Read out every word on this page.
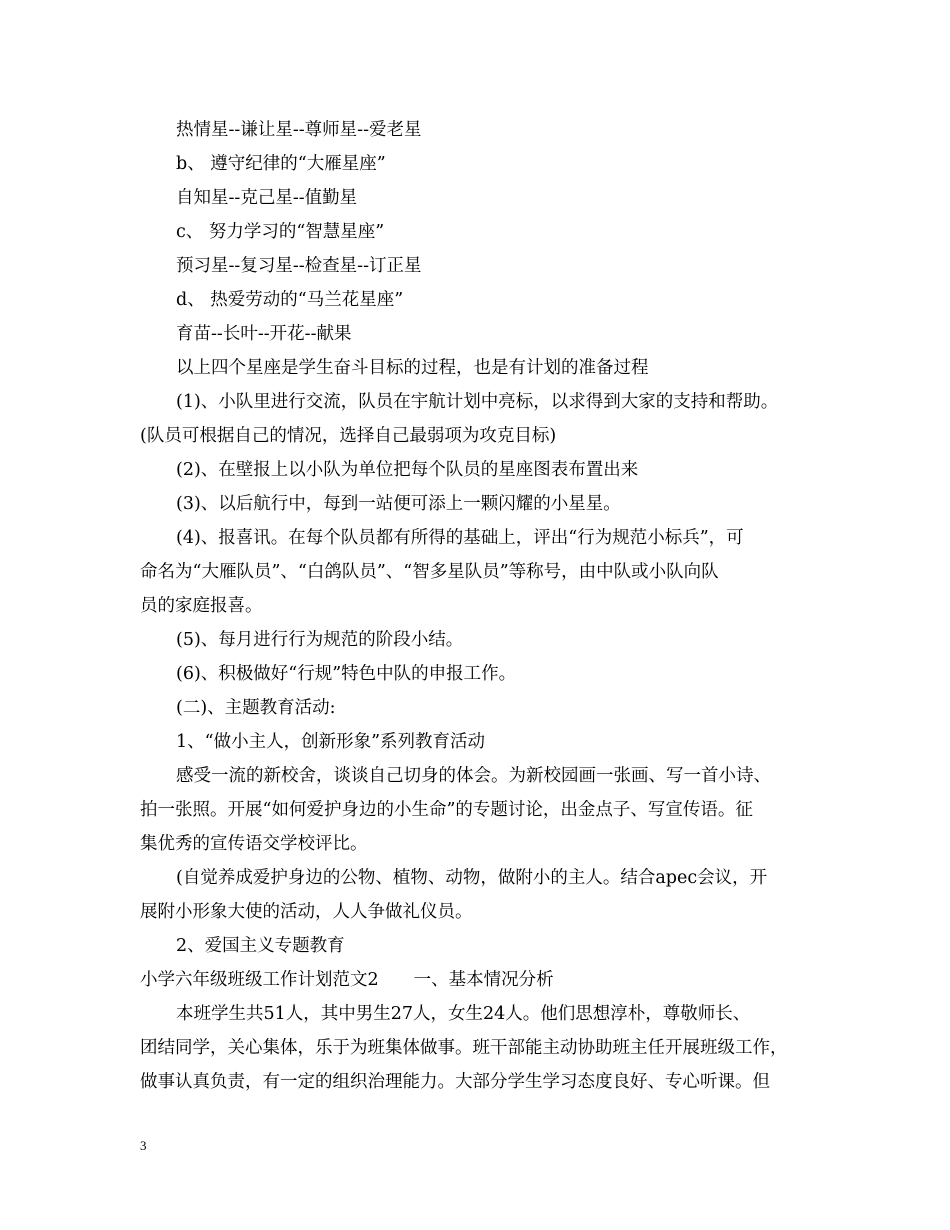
热情星--谦让星--尊师星--爱老星
b、 遵守纪律的“大雁星座”
自知星--克己星--值勤星
c、 努力学习的“智慧星座”
预习星--复习星--检查星--订正星
d、 热爱劳动的“马兰花星座”
育苗--长叶--开花--献果
以上四个星座是学生奋斗目标的过程，也是有计划的准备过程
(1)、小队里进行交流，队员在宇航计划中亮标，以求得到大家的支持和帮助。
(队员可根据自己的情况，选择自己最弱项为攻克目标)
(2)、在壁报上以小队为单位把每个队员的星座图表布置出来
(3)、以后航行中，每到一站便可添上一颗闪耀的小星星。
(4)、报喜讯。在每个队员都有所得的基础上，评出“行为规范小标兵”，可
命名为“大雁队员”、“白鸽队员”、“智多星队员”等称号，由中队或小队向队
员的家庭报喜。
(5)、每月进行行为规范的阶段小结。
(6)、积极做好“行规”特色中队的申报工作。
(二)、主题教育活动:
1、“做小主人，创新形象”系列教育活动
感受一流的新校舍，谈谈自己切身的体会。为新校园画一张画、写一首小诗、
拍一张照。开展“如何爱护身边的小生命”的专题讨论，出金点子、写宣传语。征
集优秀的宣传语交学校评比。
(自觉养成爱护身边的公物、植物、动物，做附小的主人。结合apec会议，开
展附小形象大使的活动，人人争做礼仪员。
2、爱国主义专题教育
小学六年级班级工作计划范文2　　一、基本情况分析
本班学生共51人，其中男生27人，女生24人。他们思想淳朴，尊敬师长、
团结同学，关心集体，乐于为班集体做事。班干部能主动协助班主任开展班级工作，
做事认真负责，有一定的组织治理能力。大部分学生学习态度良好、专心听课。但
3
